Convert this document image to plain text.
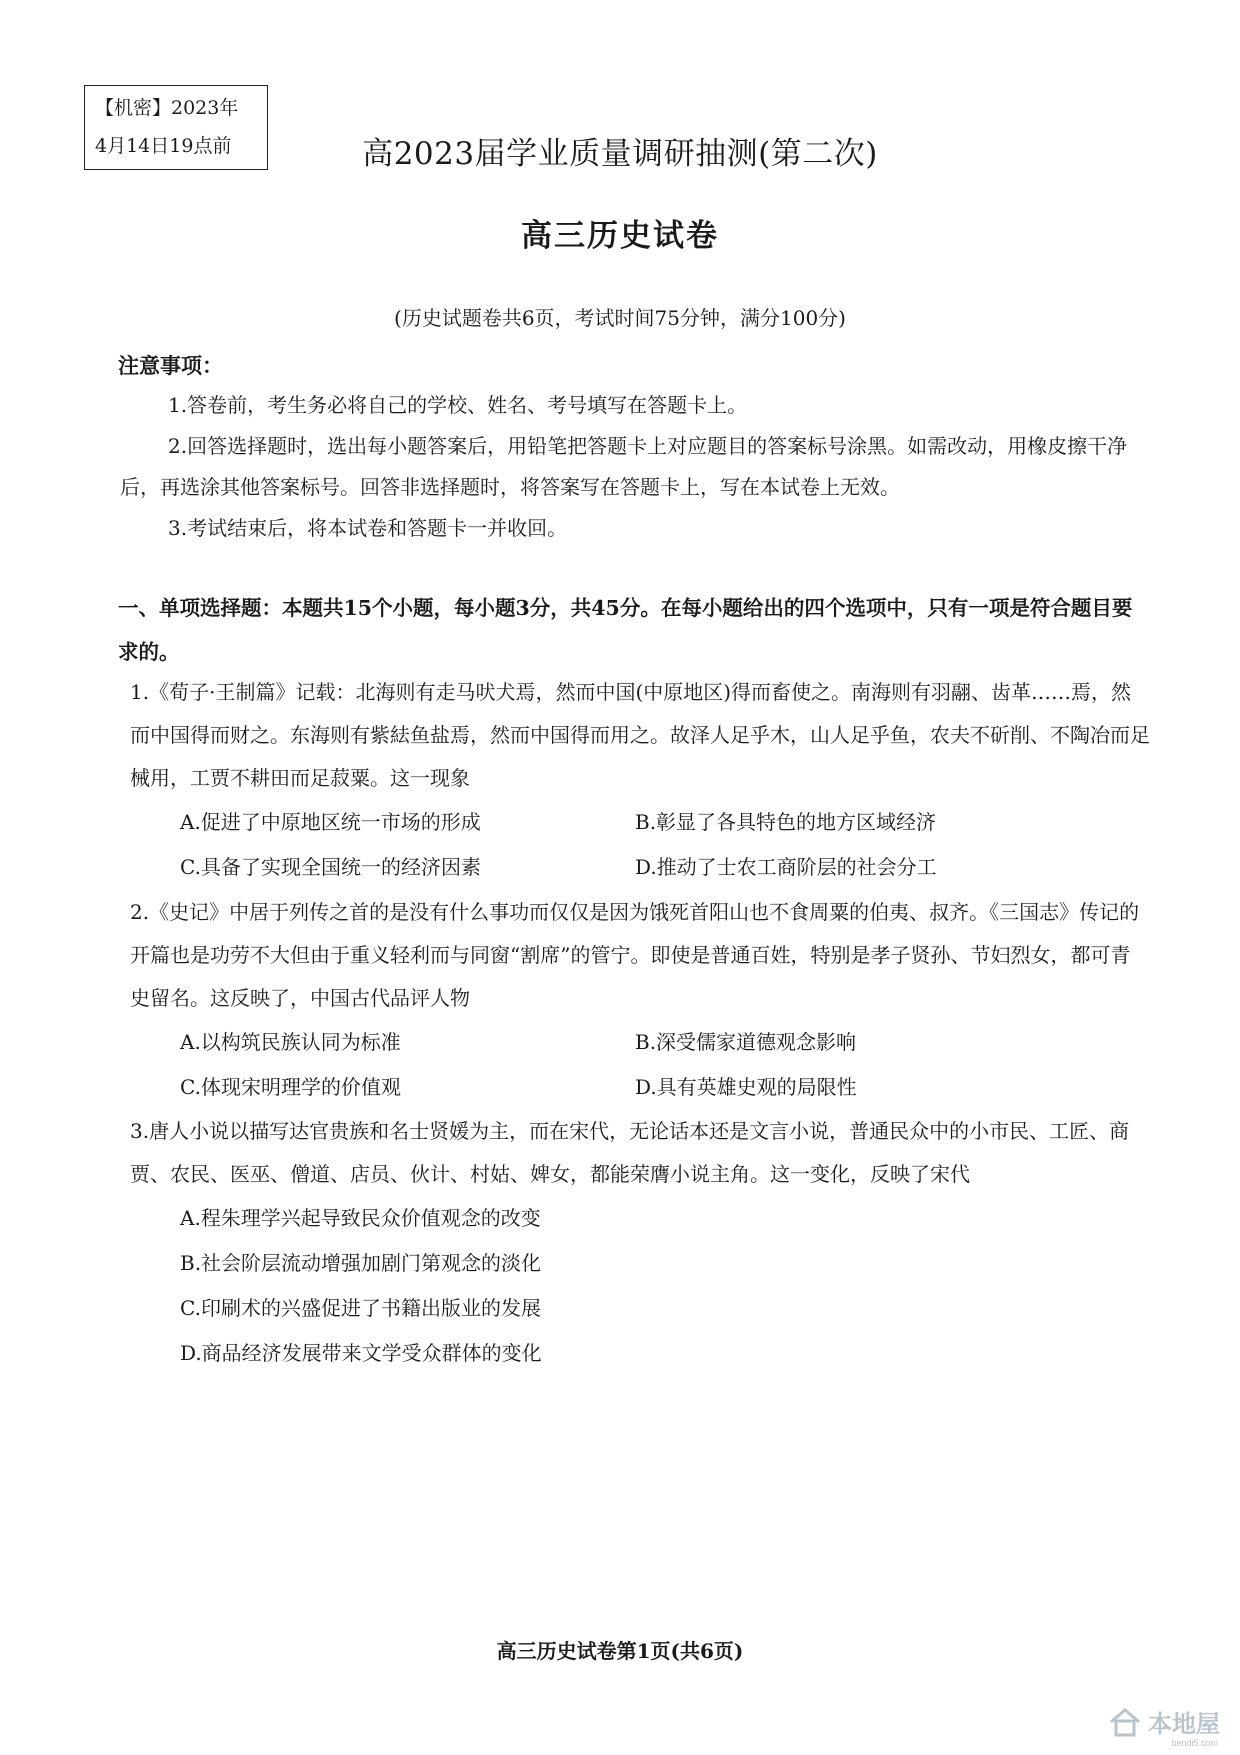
【机密】2023年
4月14日19点前	高2023届学业质量调研抽测(第二次)
高三历史试卷
(历史试题卷共6页，考试时间75分钟，满分100分)
注意事项：
1.答卷前，考生务必将自己的学校、姓名、考号填写在答题卡上。
2.回答选择题时，选出每小题答案后，用铅笔把答题卡上对应题目的答案标号涂黑。如需改动，用橡皮擦干净后，再选涂其他答案标号。回答非选择题时，将答案写在答题卡上，写在本试卷上无效。
3.考试结束后，将本试卷和答题卡一并收回。
一、单项选择题：本题共15个小题，每小题3分，共45分。在每小题给出的四个选项中，只有一项是符合题目要求的。
1.《荀子·王制篇》记载：北海则有走马吠犬焉，然而中国(中原地区)得而畜使之。南海则有羽翮、齿革……焉，然而中国得而财之。东海则有紫紶鱼盐焉，然而中国得而用之。故泽人足乎木，山人足乎鱼，农夫不斫削、不陶冶而足械用，工贾不耕田而足菽粟。这一现象
A.促进了中原地区统一市场的形成	B.彰显了各具特色的地方区域经济
C.具备了实现全国统一的经济因素	D.推动了士农工商阶层的社会分工
2.《史记》中居于列传之首的是没有什么事功而仅仅是因为饿死首阳山也不食周粟的伯夷、叔齐。《三国志》传记的开篇也是功劳不大但由于重义轻利而与同窗“割席”的管宁。即使是普通百姓，特别是孝子贤孙、节妇烈女，都可青史留名。这反映了，中国古代品评人物
A.以构筑民族认同为标准	B.深受儒家道德观念影响
C.体现宋明理学的价值观	D.具有英雄史观的局限性
3.唐人小说以描写达官贵族和名士贤媛为主，而在宋代，无论话本还是文言小说，普通民众中的小市民、工匠、商贾、农民、医巫、僧道、店员、伙计、村姑、婢女，都能荣膺小说主角。这一变化，反映了宋代
A.程朱理学兴起导致民众价值观念的改变
B.社会阶层流动增强加剧门第观念的淡化
C.印刷术的兴盛促进了书籍出版业的发展
D.商品经济发展带来文学受众群体的变化
高三历史试卷第1页(共6页)
本地屋
bendi5.com
